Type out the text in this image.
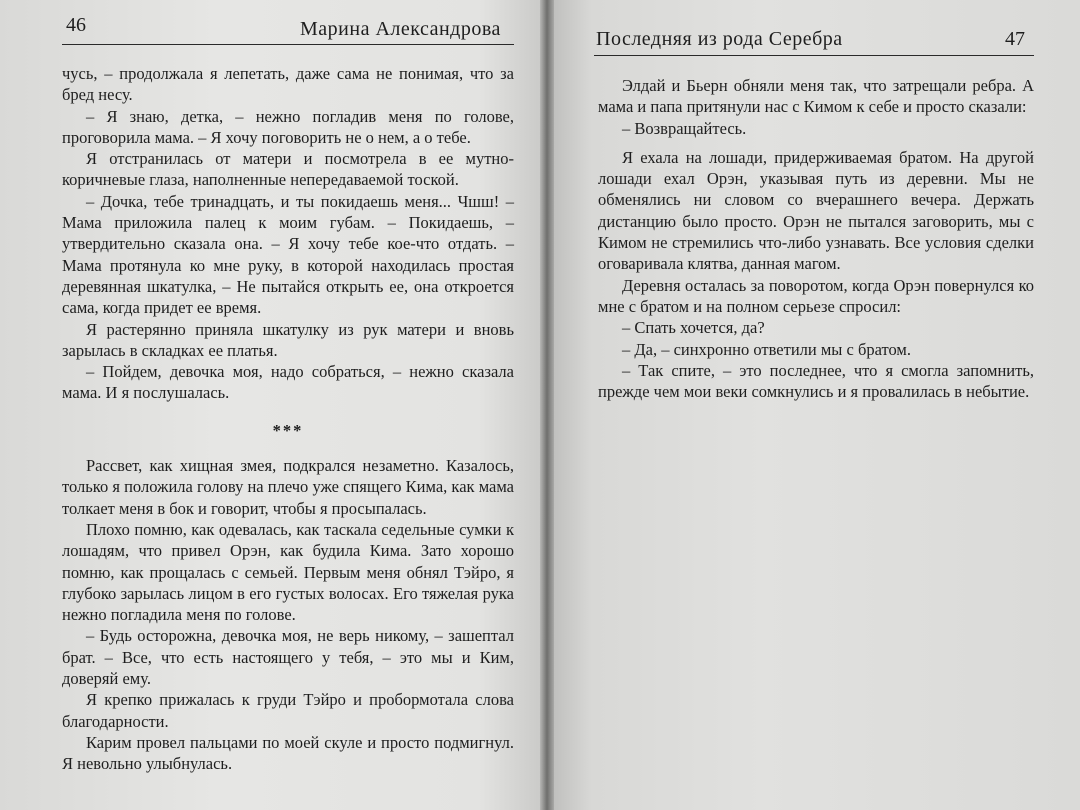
46	Марина Александрова

чусь, – продолжала я лепетать, даже сама не понимая, что за бред несу.

– Я знаю, детка, – нежно погладив меня по голове, проговорила мама. – Я хочу поговорить не о нем, а о тебе.

Я отстранилась от матери и посмотрела в ее мутно-коричневые глаза, наполненные непередаваемой тоской.

– Дочка, тебе тринадцать, и ты покидаешь меня... Чшш! – Мама приложила палец к моим губам. – Покидаешь, – утвердительно сказала она. – Я хочу тебе кое-что отдать. – Мама протянула ко мне руку, в которой находилась простая деревянная шкатулка, – Не пытайся открыть ее, она откроется сама, когда придет ее время.

Я растерянно приняла шкатулку из рук матери и вновь зарылась в складках ее платья.

– Пойдем, девочка моя, надо собраться, – нежно сказала мама. И я послушалась.

***

Рассвет, как хищная змея, подкрался незаметно. Казалось, только я положила голову на плечо уже спящего Кима, как мама толкает меня в бок и говорит, чтобы я просыпалась.

Плохо помню, как одевалась, как таскала седельные сумки к лошадям, что привел Орэн, как будила Кима. Зато хорошо помню, как прощалась с семьей. Первым меня обнял Тэйро, я глубоко зарылась лицом в его густых волосах. Его тяжелая рука нежно погладила меня по голове.

– Будь осторожна, девочка моя, не верь никому, – зашептал брат. – Все, что есть настоящего у тебя, – это мы и Ким, доверяй ему.

Я крепко прижалась к груди Тэйро и пробормотала слова благодарности.

Карим провел пальцами по моей скуле и просто подмигнул. Я невольно улыбнулась.

Последняя из рода Серебра	47

Элдай и Бьерн обняли меня так, что затрещали ребра. А мама и папа притянули нас с Кимом к себе и просто сказали:

– Возвращайтесь.

Я ехала на лошади, придерживаемая братом. На другой лошади ехал Орэн, указывая путь из деревни. Мы не обменялись ни словом со вчерашнего вечера. Держать дистанцию было просто. Орэн не пытался заговорить, мы с Кимом не стремились что-либо узнавать. Все условия сделки оговаривала клятва, данная магом.

Деревня осталась за поворотом, когда Орэн повернулся ко мне с братом и на полном серьезе спросил:

– Спать хочется, да?

– Да, – синхронно ответили мы с братом.

– Так спите, – это последнее, что я смогла запомнить, прежде чем мои веки сомкнулись и я провалилась в небытие.
